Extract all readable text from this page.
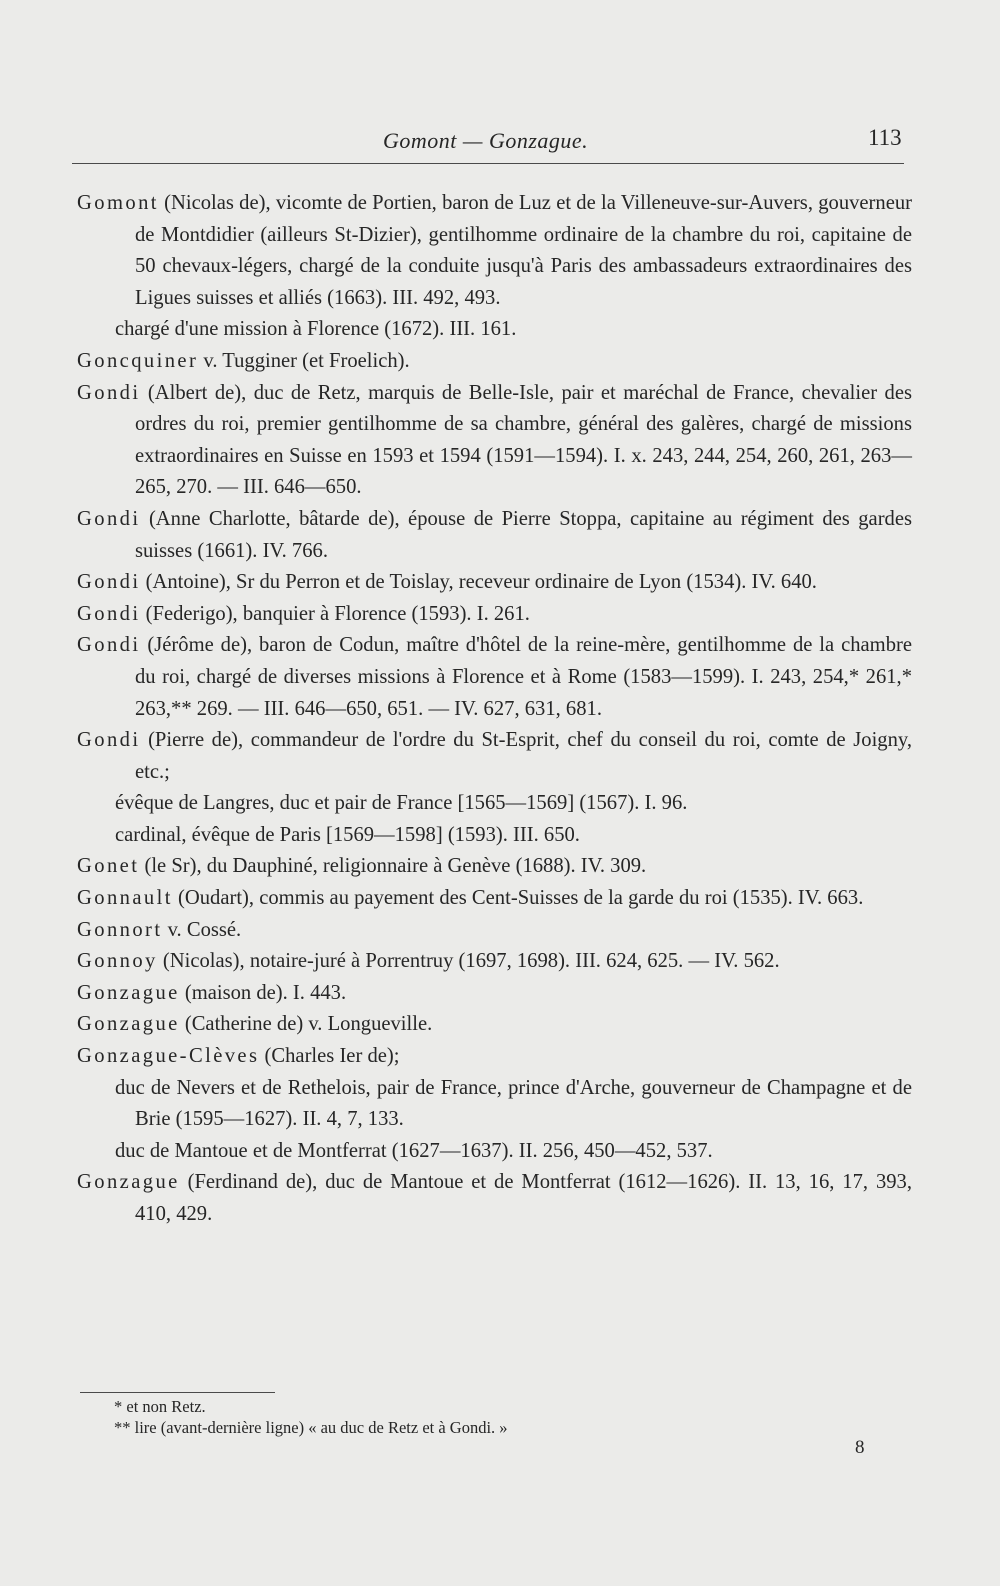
Gomont — Gonzague.	113

Gomont (Nicolas de), vicomte de Portien, baron de Luz et de la Villeneuve-sur-Auvers, gouverneur de Montdidier (ailleurs St-Dizier), gentilhomme ordinaire de la chambre du roi, capitaine de 50 chevaux-légers, chargé de la conduite jusqu'à Paris des ambassadeurs extraordinaires des Ligues suisses et alliés (1663). III. 492, 493.

chargé d'une mission à Florence (1672). III. 161.

Goncquiner v. Tugginer (et Froelich).

Gondi (Albert de), duc de Retz, marquis de Belle-Isle, pair et maréchal de France, chevalier des ordres du roi, premier gentilhomme de sa chambre, général des galères, chargé de missions extraordinaires en Suisse en 1593 et 1594 (1591—1594). I. x. 243, 244, 254, 260, 261, 263—265, 270. — III. 646—650.

Gondi (Anne Charlotte, bâtarde de), épouse de Pierre Stoppa, capitaine au régiment des gardes suisses (1661). IV. 766.

Gondi (Antoine), Sr du Perron et de Toislay, receveur ordinaire de Lyon (1534). IV. 640.

Gondi (Federigo), banquier à Florence (1593). I. 261.

Gondi (Jérôme de), baron de Codun, maître d'hôtel de la reine-mère, gentilhomme de la chambre du roi, chargé de diverses missions à Florence et à Rome (1583—1599). I. 243, 254,* 261,* 263,** 269. — III. 646—650, 651. — IV. 627, 631, 681.

Gondi (Pierre de), commandeur de l'ordre du St-Esprit, chef du conseil du roi, comte de Joigny, etc.;

évêque de Langres, duc et pair de France [1565—1569] (1567). I. 96.

cardinal, évêque de Paris [1569—1598] (1593). III. 650.

Gonet (le Sr), du Dauphiné, religionnaire à Genève (1688). IV. 309.

Gonnault (Oudart), commis au payement des Cent-Suisses de la garde du roi (1535). IV. 663.

Gonnort v. Cossé.

Gonnoy (Nicolas), notaire-juré à Porrentruy (1697, 1698). III. 624, 625. — IV. 562.

Gonzague (maison de). I. 443.

Gonzague (Catherine de) v. Longueville.

Gonzague-Clèves (Charles Ier de);

duc de Nevers et de Rethelois, pair de France, prince d'Arche, gouverneur de Champagne et de Brie (1595—1627). II. 4, 7, 133.

duc de Mantoue et de Montferrat (1627—1637). II. 256, 450—452, 537.

Gonzague (Ferdinand de), duc de Mantoue et de Montferrat (1612—1626). II. 13, 16, 17, 393, 410, 429.

* et non Retz.

** lire (avant-dernière ligne) « au duc de Retz et à Gondi. »

8
